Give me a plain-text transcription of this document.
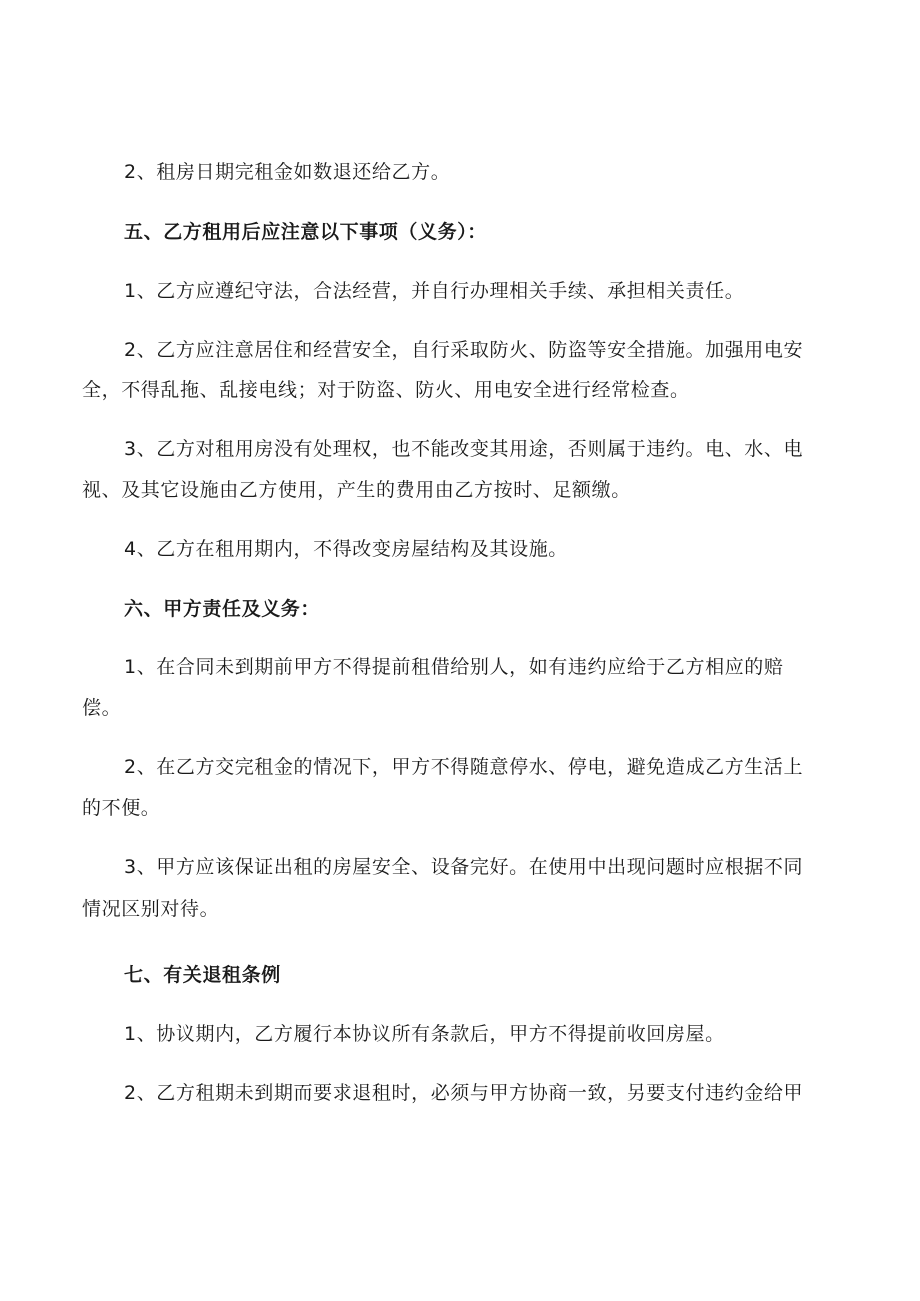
2、租房日期完租金如数退还给乙方。

五、乙方租用后应注意以下事项（义务）：

1、乙方应遵纪守法，合法经营，并自行办理相关手续、承担相关责任。

2、乙方应注意居住和经营安全，自行采取防火、防盗等安全措施。加强用电安

全，不得乱拖、乱接电线；对于防盗、防火、用电安全进行经常检查。

3、乙方对租用房没有处理权，也不能改变其用途，否则属于违约。电、水、电

视、及其它设施由乙方使用，产生的费用由乙方按时、足额缴。

4、乙方在租用期内，不得改变房屋结构及其设施。

六、甲方责任及义务：

1、在合同未到期前甲方不得提前租借给别人，如有违约应给于乙方相应的赔

偿。

2、在乙方交完租金的情况下，甲方不得随意停水、停电，避免造成乙方生活上

的不便。

3、甲方应该保证出租的房屋安全、设备完好。在使用中出现问题时应根据不同

情况区别对待。

七、有关退租条例

1、协议期内，乙方履行本协议所有条款后，甲方不得提前收回房屋。

2、乙方租期未到期而要求退租时，必须与甲方协商一致，另要支付违约金给甲
